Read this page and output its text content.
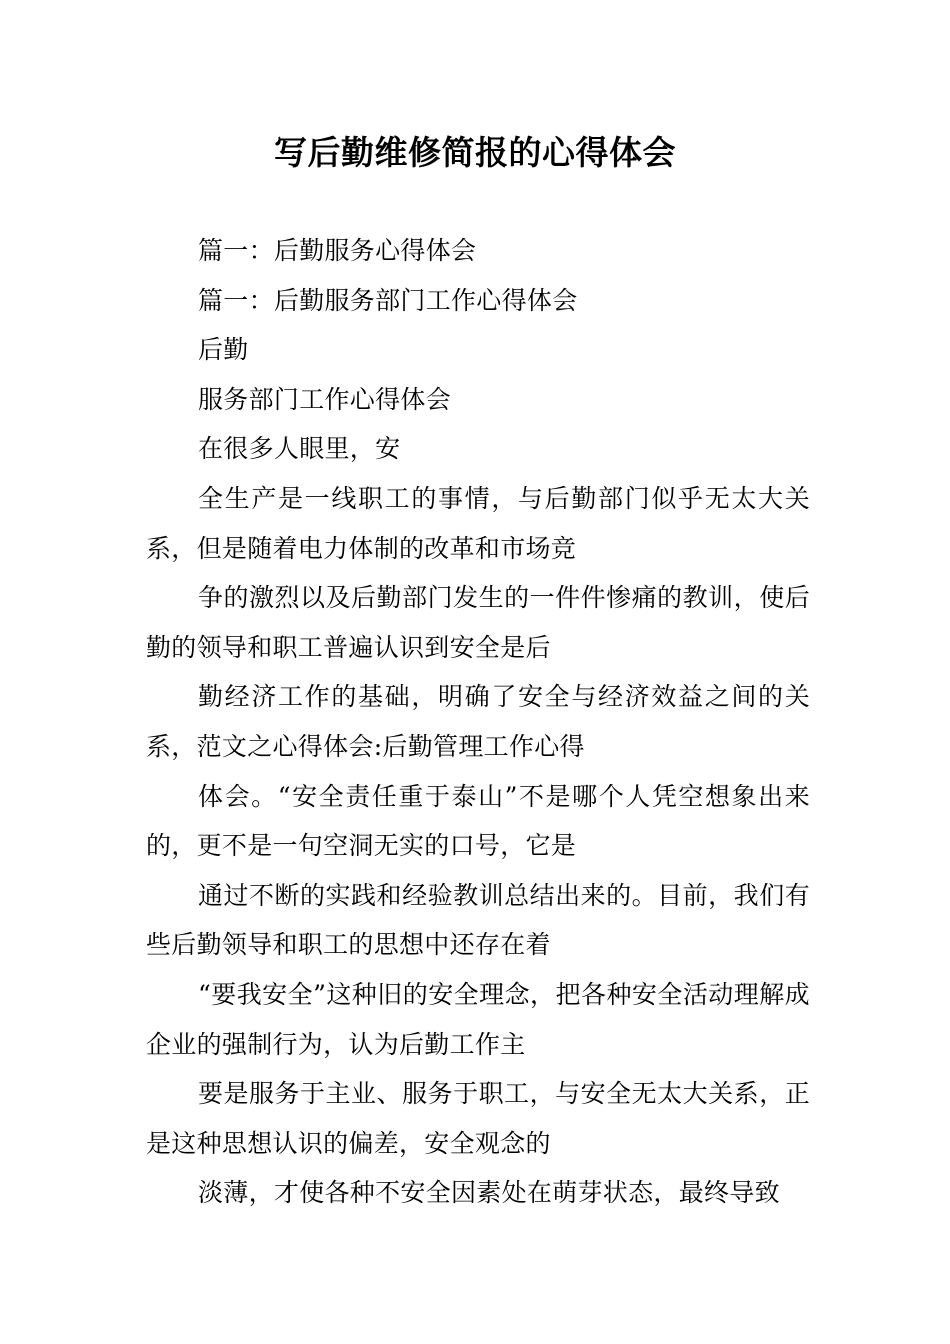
写后勤维修简报的心得体会

篇一：后勤服务心得体会

篇一：后勤服务部门工作心得体会

后勤

服务部门工作心得体会

在很多人眼里，安

全生产是一线职工的事情，与后勤部门似乎无太大关系，但是随着电力体制的改革和市场竞

争的激烈以及后勤部门发生的一件件惨痛的教训，使后勤的领导和职工普遍认识到安全是后

勤经济工作的基础，明确了安全与经济效益之间的关系，范文之心得体会:后勤管理工作心得

体会。“安全责任重于泰山”不是哪个人凭空想象出来的，更不是一句空洞无实的口号，它是

通过不断的实践和经验教训总结出来的。目前，我们有些后勤领导和职工的思想中还存在着

“要我安全”这种旧的安全理念，把各种安全活动理解成企业的强制行为，认为后勤工作主

要是服务于主业、服务于职工，与安全无太大关系，正是这种思想认识的偏差，安全观念的

淡薄，才使各种不安全因素处在萌芽状态，最终导致
